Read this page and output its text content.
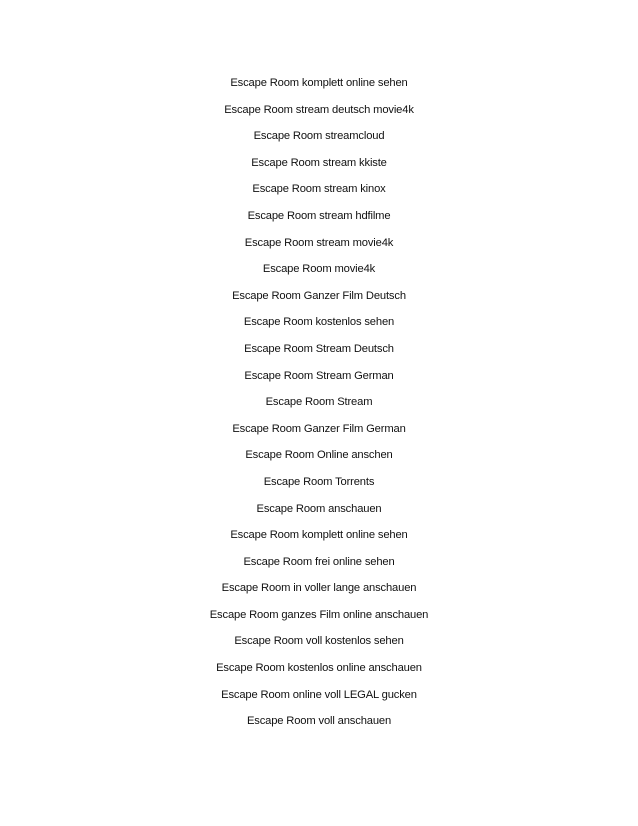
Escape Room komplett online sehen
Escape Room stream deutsch movie4k
Escape Room streamcloud
Escape Room stream kkiste
Escape Room stream kinox
Escape Room stream hdfilme
Escape Room stream movie4k
Escape Room movie4k
Escape Room Ganzer Film Deutsch
Escape Room kostenlos sehen
Escape Room Stream Deutsch
Escape Room Stream German
Escape Room Stream
Escape Room Ganzer Film German
Escape Room Online anschen
Escape Room Torrents
Escape Room anschauen
Escape Room komplett online sehen
Escape Room frei online sehen
Escape Room in voller lange anschauen
Escape Room ganzes Film online anschauen
Escape Room voll kostenlos sehen
Escape Room kostenlos online anschauen
Escape Room online voll LEGAL gucken
Escape Room voll anschauen
